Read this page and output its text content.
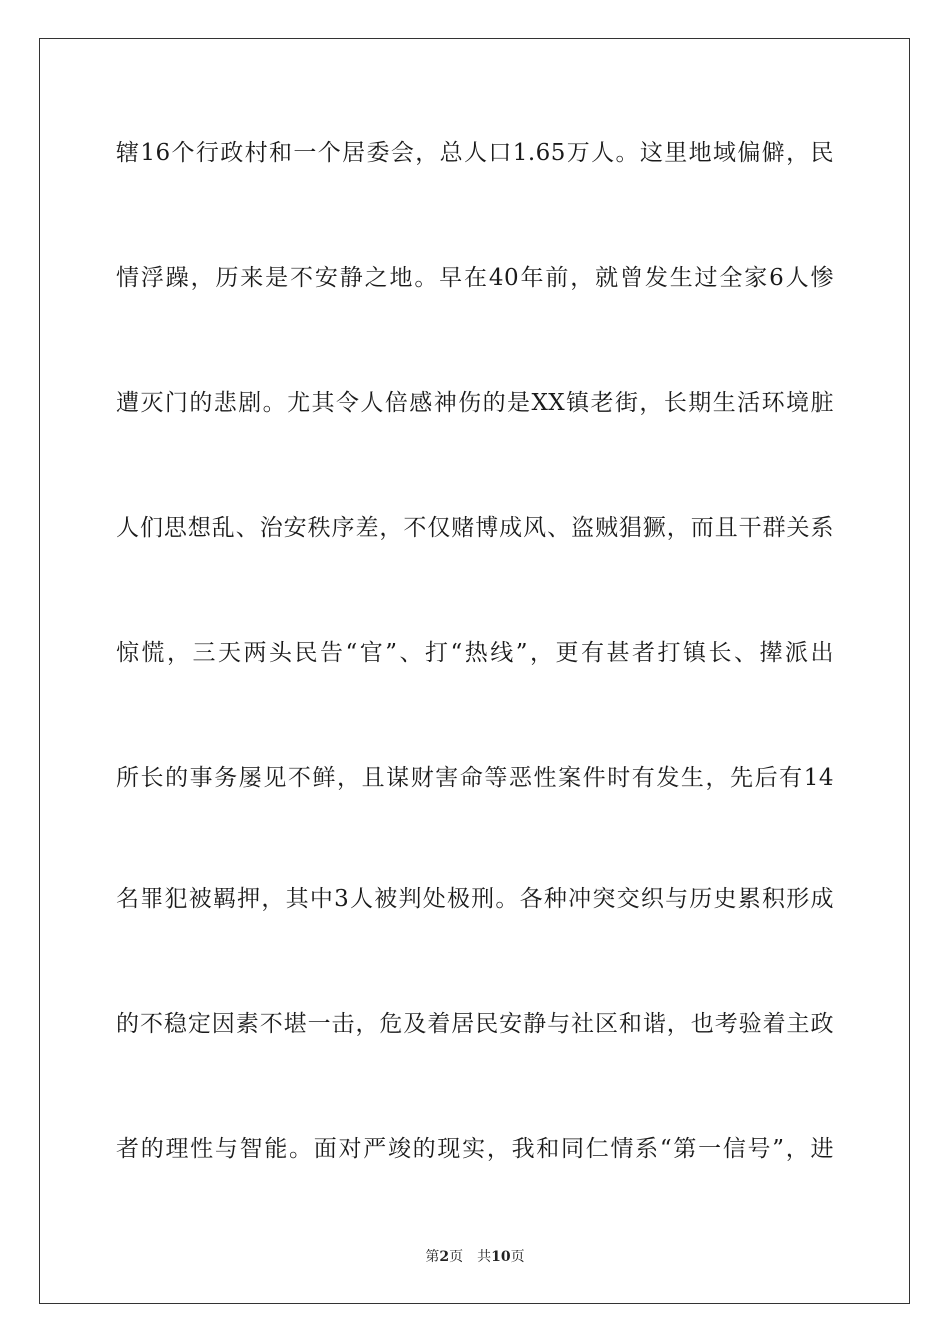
辖16个行政村和一个居委会，总人口1.65万人。这里地域偏僻，民
情浮躁，历来是不安静之地。早在40年前，就曾发生过全家6人惨
遭灭门的悲剧。尤其令人倍感神伤的是XX镇老街，长期生活环境脏
人们思想乱、治安秩序差，不仅赌博成风、盗贼猖獗，而且干群关系
惊慌，三天两头民告“官”、打“热线”，更有甚者打镇长、撵派出
所长的事务屡见不鲜，且谋财害命等恶性案件时有发生，先后有14
名罪犯被羁押，其中3人被判处极刑。各种冲突交织与历史累积形成
的不稳定因素不堪一击，危及着居民安静与社区和谐，也考验着主政
者的理性与智能。面对严竣的现实，我和同仁情系“第一信号”，进
第2页 共10页
